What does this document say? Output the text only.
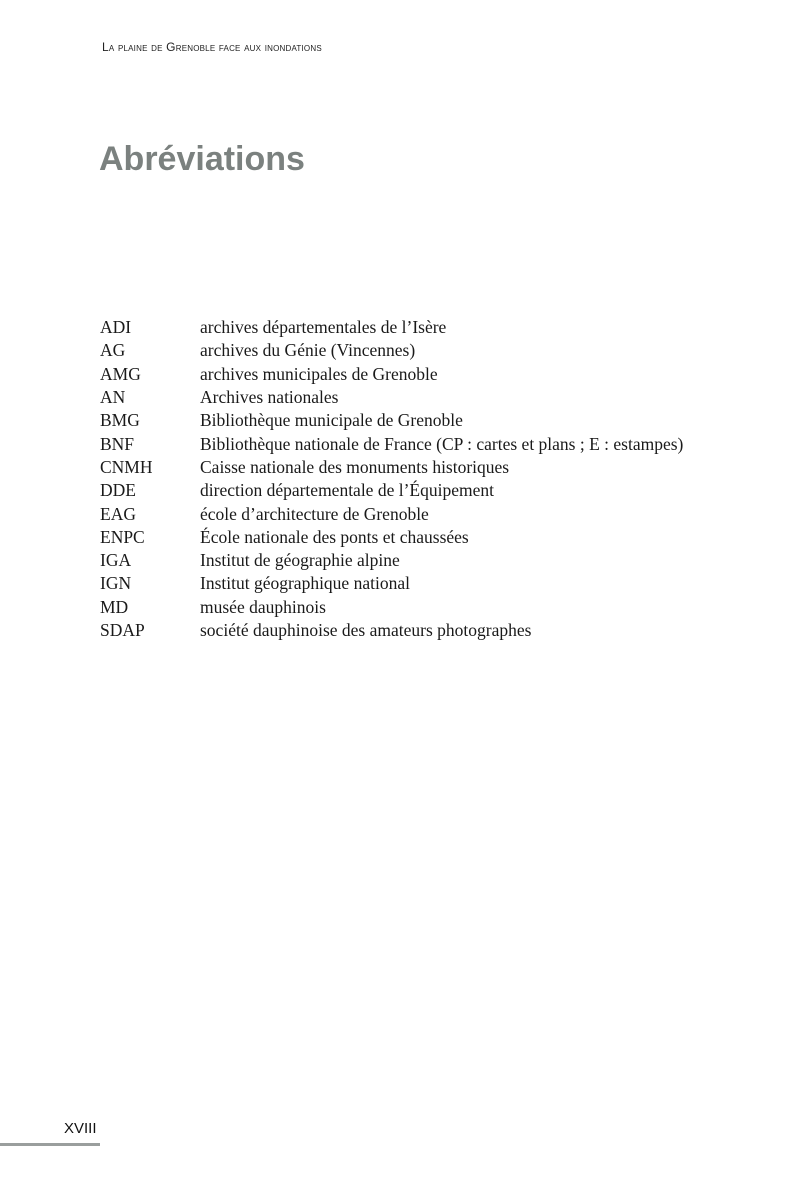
La plaine de Grenoble face aux inondations
Abréviations
ADI	archives départementales de l’Isère
AG	archives du Génie (Vincennes)
AMG	archives municipales de Grenoble
AN	Archives nationales
BMG	Bibliothèque municipale de Grenoble
BNF	Bibliothèque nationale de France (CP : cartes et plans ; E : estampes)
CNMH	Caisse nationale des monuments historiques
DDE	direction départementale de l’Équipement
EAG	école d’architecture de Grenoble
ENPC	École nationale des ponts et chaussées
IGA	Institut de géographie alpine
IGN	Institut géographique national
MD	musée dauphinois
SDAP	société dauphinoise des amateurs photographes
XVIII
